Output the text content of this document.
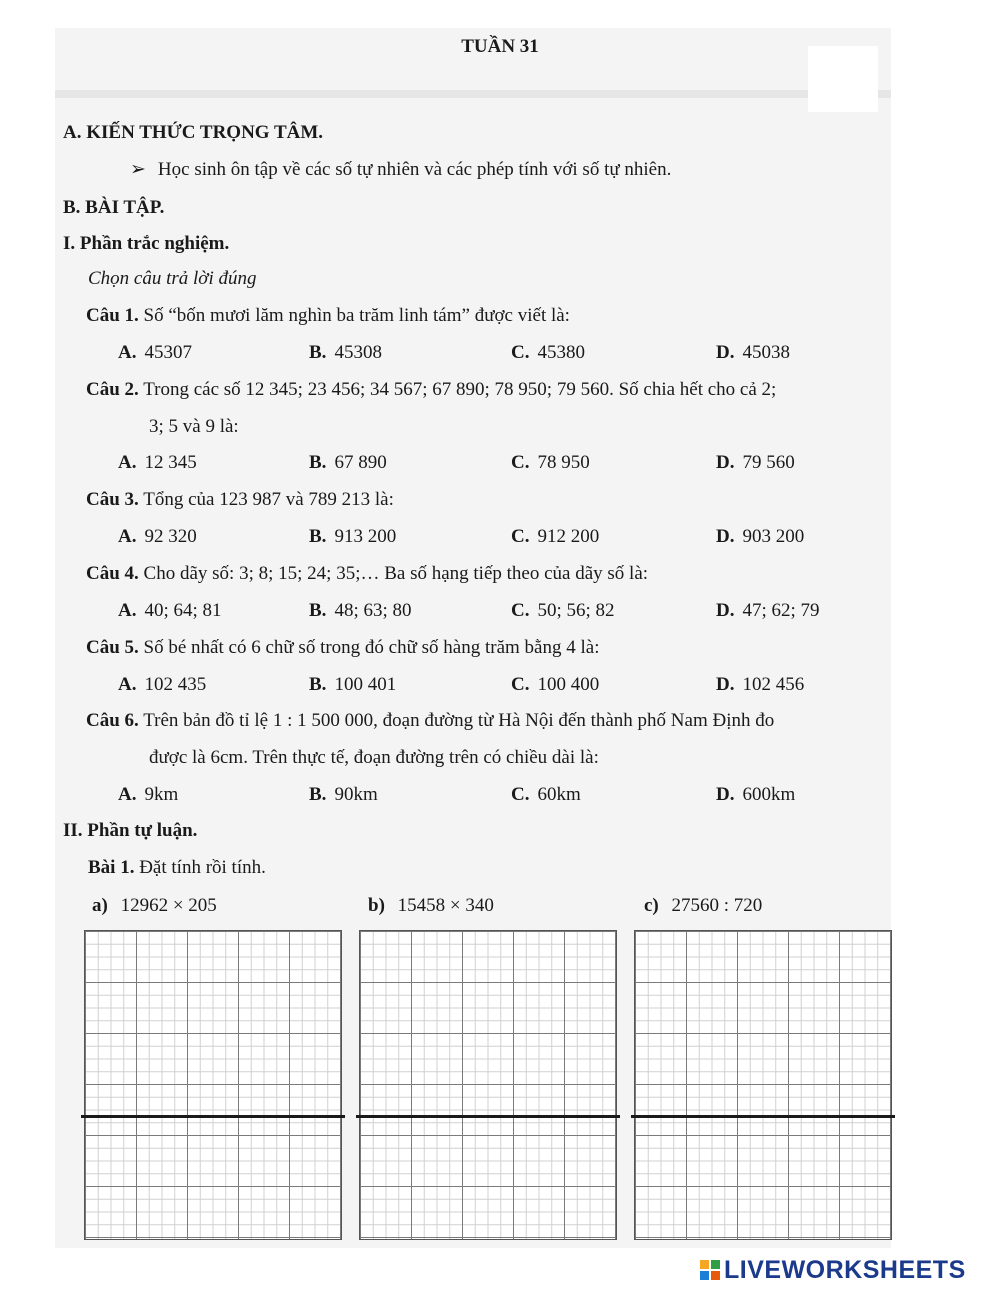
TUẦN 31
A. KIẾN THỨC TRỌNG TÂM.
➢ Học sinh ôn tập về các số tự nhiên và các phép tính với số tự nhiên.
B. BÀI TẬP.
I. Phần trắc nghiệm.
Chọn câu trả lời đúng
Câu 1. Số “bốn mươi lăm nghìn ba trăm linh tám” được viết là:
A. 45307	B. 45308	C. 45380	D. 45038
Câu 2. Trong các số 12 345; 23 456; 34 567; 67 890; 78 950; 79 560. Số chia hết cho cả 2;
3; 5 và 9 là:
A. 12 345	B. 67 890	C. 78 950	D. 79 560
Câu 3. Tổng của 123 987 và 789 213 là:
A. 92 320	B. 913 200	C. 912 200	D. 903 200
Câu 4. Cho dãy số: 3; 8; 15; 24; 35;… Ba số hạng tiếp theo của dãy số là:
A. 40; 64; 81	B. 48; 63; 80	C. 50; 56; 82	D. 47; 62; 79
Câu 5. Số bé nhất có 6 chữ số trong đó chữ số hàng trăm bằng 4 là:
A. 102 435	B. 100 401	C. 100 400	D. 102 456
Câu 6. Trên bản đồ tỉ lệ 1 : 1 500 000, đoạn đường từ Hà Nội đến thành phố Nam Định đo
được là 6cm. Trên thực tế, đoạn đường trên có chiều dài là:
A. 9km	B. 90km	C. 60km	D. 600km
II. Phần tự luận.
Bài 1. Đặt tính rồi tính.
a) 12962 × 205	b) 15458 × 340	c) 27560 : 720
LIVEWORKSHEETS
